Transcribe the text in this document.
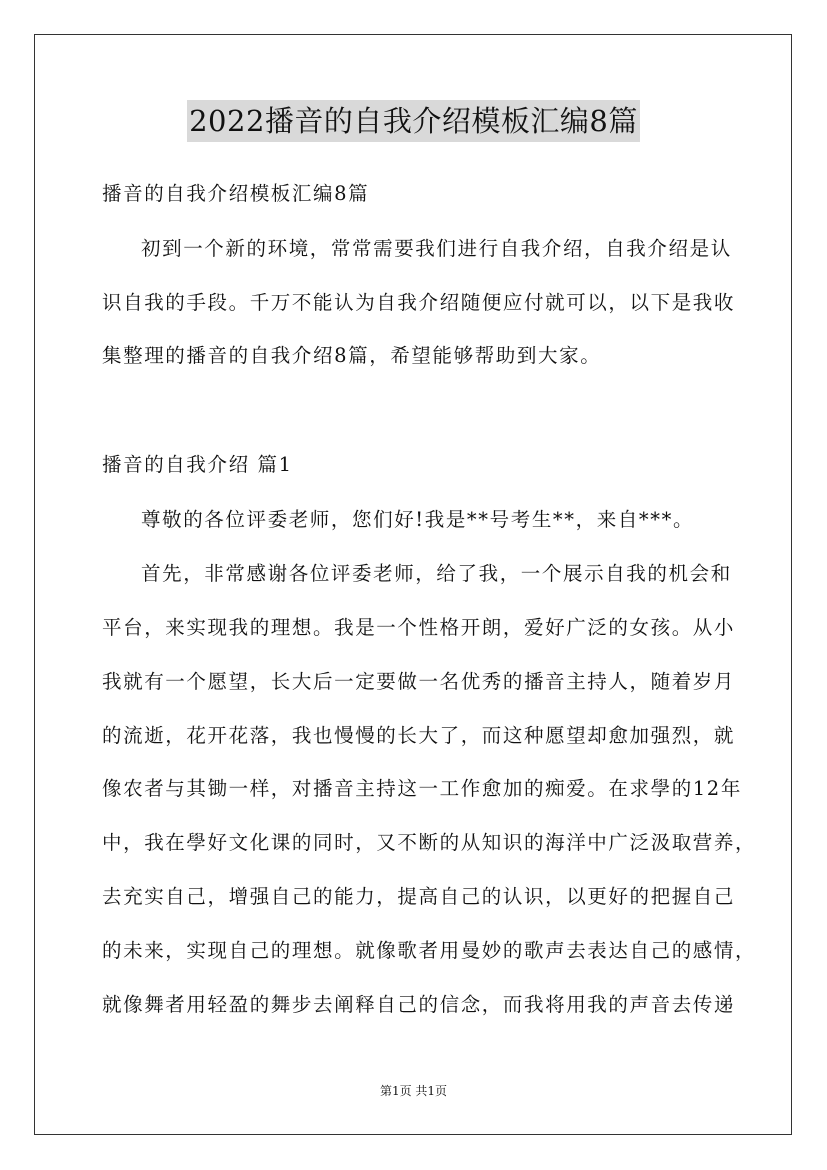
2022播音的自我介绍模板汇编8篇
播音的自我介绍模板汇编8篇
初到一个新的环境，常常需要我们进行自我介绍，自我介绍是认
识自我的手段。千万不能认为自我介绍随便应付就可以，以下是我收
集整理的播音的自我介绍8篇，希望能够帮助到大家。
播音的自我介绍 篇1
尊敬的各位评委老师，您们好!我是**号考生**，来自***。
首先，非常感谢各位评委老师，给了我，一个展示自我的机会和
平台，来实现我的理想。我是一个性格开朗，爱好广泛的女孩。从小
我就有一个愿望，长大后一定要做一名优秀的播音主持人，随着岁月
的流逝，花开花落，我也慢慢的长大了，而这种愿望却愈加强烈，就
像农者与其锄一样，对播音主持这一工作愈加的痴爱。在求學的12年
中，我在學好文化课的同时，又不断的从知识的海洋中广泛汲取营养，
去充实自己，增强自己的能力，提高自己的认识，以更好的把握自己
的未来，实现自己的理想。就像歌者用曼妙的歌声去表达自己的感情，
就像舞者用轻盈的舞步去阐释自己的信念，而我将用我的声音去传递
第1页 共1页
